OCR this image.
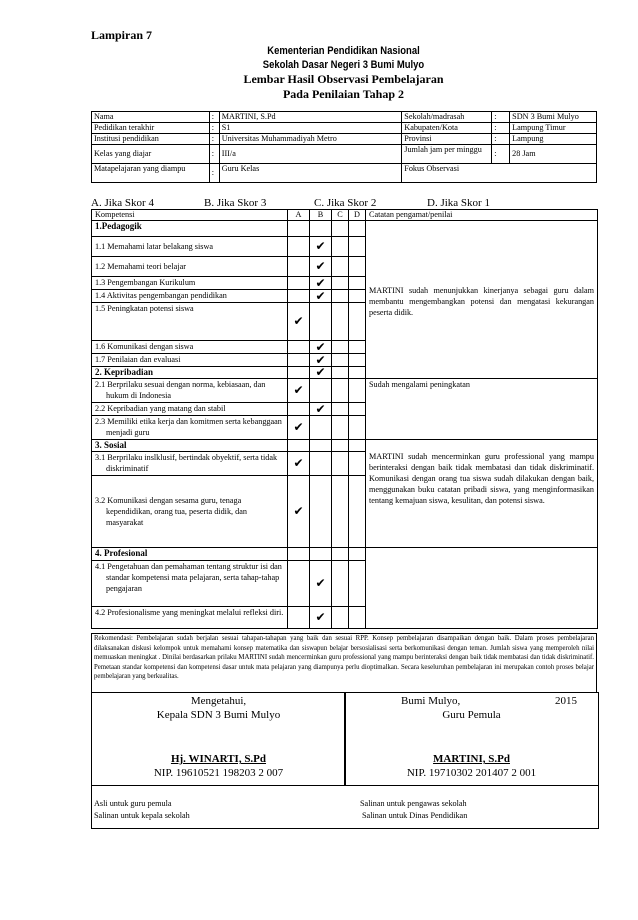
Lampiran 7
Kementerian Pendidikan Nasional
Sekolah Dasar Negeri 3 Bumi Mulyo
Lembar Hasil Observasi Pembelajaran
Pada Penilaian Tahap 2
Nama	:	MARTINI, S.Pd	Sekolah/madrasah	:	SDN 3 Bumi Mulyo
Pedidikan terakhir	:	S1	Kabupaten/Kota	:	Lampung Timur
Institusi pendidikan	:	Universitas Muhammadiyah Metro	Provinsi	:	Lampung
Kelas yang diajar	:	III/a	Jumlah jam per minggu	:	28 Jam
Matapelajaran yang diampu	:	Guru Kelas	Fokus Observasi		
A. Jika Skor 4	B. Jika Skor 3	C. Jika Skor 2	D. Jika Skor 1
Kompetensi	A	B	C	D	Catatan pengamat/penilai
1.Pedagogik					MARTINI sudah menunjukkan kinerjanya sebagai guru dalam membantu mengembangkan potensi dan mengatasi kekurangan peserta didik.

1.1 Memahami latar belakang siswa		✔			
1.2 Memahami teori belajar		✔			
1.3 Pengembangan Kurikulum		✔			
1.4 Aktivitas pengembangan pendidikan		✔			
1.5 Peningkatan potensi siswa	✔				
1.6 Komunikasi dengan siswa		✔			
1.7 Penilaian dan evaluasi		✔			
2. Kepribadian		✔			
2.1 Berprilaku sesuai dengan norma, kebiasaan, dan hukum di Indonesia	✔				Sudah mengalami peningkatan

2.2 Kepribadian yang matang dan stabil		✔			
2.3 Memiliki etika kerja dan komitmen serta kebanggaan menjadi guru	✔				
3. Sosial					MARTINI sudah mencerminkan guru professional yang mampu berinteraksi dengan baik tidak membatasi dan tidak diskriminatif. Komunikasi dengan orang tua siswa sudah dilakukan dengan baik, menggunakan buku catatan pribadi siswa, yang menginformasikan tentang kemajuan siswa, kesulitan, dan potensi siswa.

3.1 Berprilaku inslklusif, bertindak obyektif, serta tidak diskriminatif	✔				
3.2 Komunikasi dengan sesama guru, tenaga kependidikan, orang tua, peserta didik, dan masyarakat	✔				
4. Profesional					
4.1 Pengetahuan dan pemahaman tentang struktur isi dan standar kompetensi mata pelajaran, serta tahap-tahap pengajaran		✔			
4.2 Profesionalisme yang meningkat melalui refleksi diri.		✔			
Rekomendasi: Pembelajaran sudah berjalan sesuai tahapan-tahapan yang baik dan sesuai RPP. Konsep pembelajaran disampaikan dengan baik. Dalam proses pembelajaran dilaksanakan diskusi kelompok untuk memahami konsep matematika dan siswapun belajar bersosialisasi serta berkomunikasi dengan teman. Jumlah siswa yang memperoleh nilai memuaskan meningkat . Dinilai berdasarkan prilaku MARTINI sudah mencerminkan guru professional yang mampu berinteraksi dengan baik tidak membatasi dan tidak diskriminatif. Pemetaan standar kompetensi dan kompetensi dasar untuk mata pelajaran yang diampunya perlu dioptimalkan. Secara keseluruhan pembelajaran ini merupakan contoh proses belajar pembelajaran yang berkualitas.
Mengetahui,
Kepala SDN 3 Bumi Mulyo
Hj. WINARTI, S.Pd
NIP. 19610521 198203 2 007
Bumi Mulyo,	2015
Guru Pemula
MARTINI, S.Pd
NIP. 19710302 201407 2 001
Asli untuk guru pemula
Salinan untuk kepala sekolah
Salinan untuk pengawas sekolah
Salinan untuk Dinas Pendidikan
